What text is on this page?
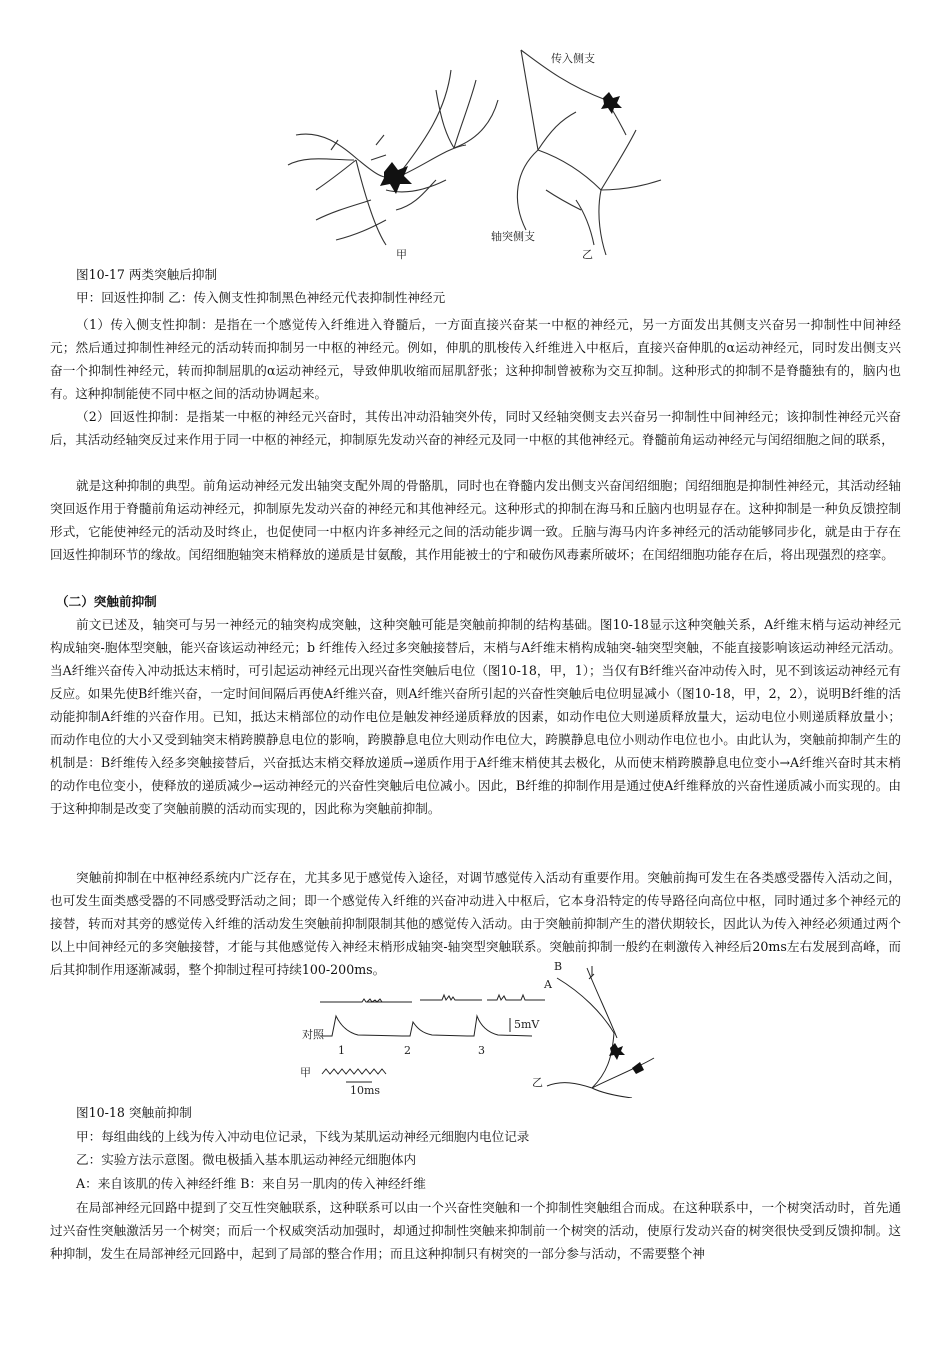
轴突侧支
传入侧支
甲	乙
图10-17 两类突触后抑制
甲：回返性抑制 乙：传入侧支性抑制黑色神经元代表抑制性神经元
（1）传入侧支性抑制：是指在一个感觉传入纤维进入脊髓后，一方面直接兴奋某一中枢的神经元，另一方面发出其侧支兴奋另一抑制性中间神经元；然后通过抑制性神经元的活动转而抑制另一中枢的神经元。例如，伸肌的肌梭传入纤维进入中枢后，直接兴奋伸肌的α运动神经元，同时发出侧支兴奋一个抑制性神经元，转而抑制屈肌的α运动神经元，导致伸肌收缩而屈肌舒张；这种抑制曾被称为交互抑制。这种形式的抑制不是脊髓独有的，脑内也有。这种抑制能使不同中枢之间的活动协调起来。
（2）回返性抑制：是指某一中枢的神经元兴奋时，其传出冲动沿轴突外传，同时又经轴突侧支去兴奋另一抑制性中间神经元；该抑制性神经元兴奋后，其活动经轴突反过来作用于同一中枢的神经元，抑制原先发动兴奋的神经元及同一中枢的其他神经元。脊髓前角运动神经元与闰绍细胞之间的联系，
就是这种抑制的典型。前角运动神经元发出轴突支配外周的骨骼肌，同时也在脊髓内发出侧支兴奋闰绍细胞；闰绍细胞是抑制性神经元，其活动经轴突回返作用于脊髓前角运动神经元，抑制原先发动兴奋的神经元和其他神经元。这种形式的抑制在海马和丘脑内也明显存在。这种抑制是一种负反馈控制形式，它能使神经元的活动及时终止，也促使同一中枢内许多神经元之间的活动能步调一致。丘脑与海马内许多神经元的活动能够同步化，就是由于存在回返性抑制环节的缘故。闰绍细胞轴突末梢释放的递质是甘氨酸，其作用能被士的宁和破伤风毒素所破坏；在闰绍细胞功能存在后，将出现强烈的痉挛。
（二）突触前抑制
前文已述及，轴突可与另一神经元的轴突构成突触，这种突触可能是突触前抑制的结构基础。图10-18显示这种突触关系，A纤维末梢与运动神经元构成轴突-胞体型突触，能兴奋该运动神经元；b 纤维传入经过多突触接替后，末梢与A纤维末梢构成轴突-轴突型突触，不能直接影响该运动神经元活动。当A纤维兴奋传入冲动抵达末梢时，可引起运动神经元出现兴奋性突触后电位（图10-18，甲，1）；当仅有B纤维兴奋冲动传入时，见不到该运动神经元有反应。如果先使B纤维兴奋，一定时间间隔后再使A纤维兴奋，则A纤维兴奋所引起的兴奋性突触后电位明显减小（图10-18，甲，2，2），说明B纤维的活动能抑制A纤维的兴奋作用。已知，抵达末梢部位的动作电位是触发神经递质释放的因素，如动作电位大则递质释放量大，运动电位小则递质释放量小；而动作电位的大小又受到轴突末梢跨膜静息电位的影响，跨膜静息电位大则动作电位大，跨膜静息电位小则动作电位也小。由此认为，突触前抑制产生的机制是：B纤维传入经多突触接替后，兴奋抵达末梢交释放递质→递质作用于A纤维末梢使其去极化，从而使末梢跨膜静息电位变小→A纤维兴奋时其末梢的动作电位变小，使释放的递质减少→运动神经元的兴奋性突触后电位减小。因此，B纤维的抑制作用是通过使A纤维释放的兴奋性递质减小而实现的。由于这种抑制是改变了突触前膜的活动而实现的，因此称为突触前抑制。
突触前抑制在中枢神经系统内广泛存在，尤其多见于感觉传入途径，对调节感觉传入活动有重要作用。突触前掏可发生在各类感受器传入活动之间，也可发生面类感受器的不同感受野活动之间；即一个感觉传入纤维的兴奋冲动进入中枢后，它本身沿特定的传导路径向高位中枢，同时通过多个神经元的接替，转而对其旁的感觉传入纤维的活动发生突触前抑制限制其他的感觉传入活动。由于突触前抑制产生的潜伏期较长，因此认为传入神经必须通过两个以上中间神经元的多突触接替，才能与其他感觉传入神经末梢形成轴突-轴突型突触联系。突触前抑制一般约在刺激传入神经后20ms左右发展到高峰，而后其抑制作用逐渐减弱，整个抑制过程可持续100-200ms。
对照
5mV
1	2	3
甲
10ms
乙
B
A
图10-18 突触前抑制
甲：每组曲线的上线为传入冲动电位记录，下线为某肌运动神经元细胞内电位记录
乙：实验方法示意图。微电极插入基本肌运动神经元细胞体内
A：来自该肌的传入神经纤维 B：来自另一肌肉的传入神经纤维
在局部神经元回路中提到了交互性突触联系，这种联系可以由一个兴奋性突触和一个抑制性突触组合而成。在这种联系中，一个树突活动时，首先通过兴奋性突触激活另一个树突；而后一个权威突活动加强时，却通过抑制性突触来抑制前一个树突的活动，使原行发动兴奋的树突很快受到反馈抑制。这种抑制，发生在局部神经元回路中，起到了局部的整合作用；而且这种抑制只有树突的一部分参与活动，不需要整个神
